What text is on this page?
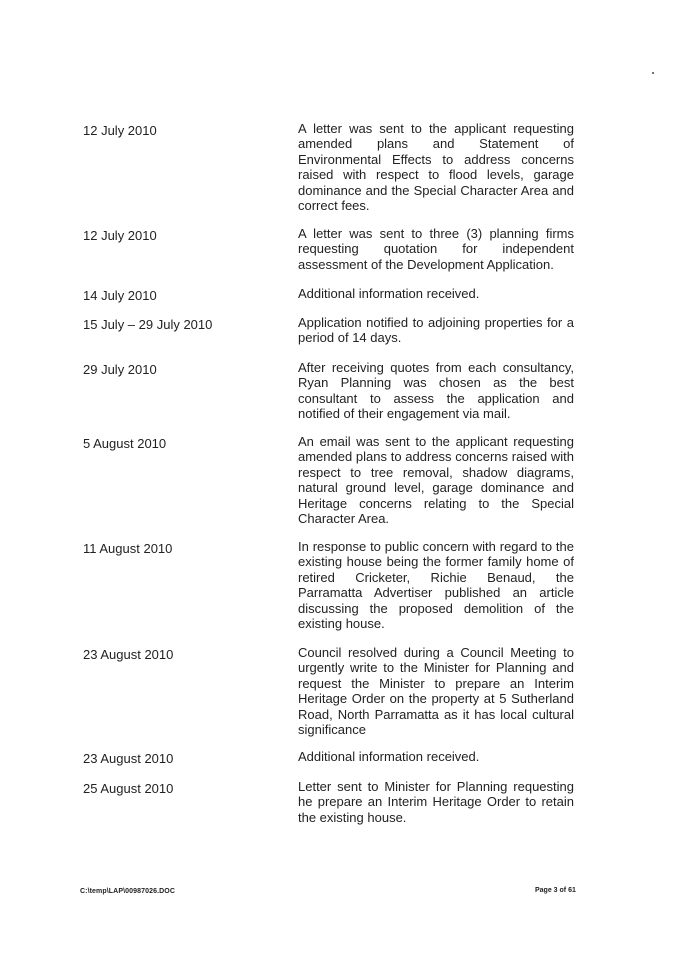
12 July 2010	A letter was sent to the applicant requesting amended plans and Statement of Environmental Effects to address concerns raised with respect to flood levels, garage dominance and the Special Character Area and correct fees.
12 July 2010	A letter was sent to three (3) planning firms requesting quotation for independent assessment of the Development Application.
14 July 2010	Additional information received.
15 July – 29 July 2010	Application notified to adjoining properties for a period of 14 days.
29 July 2010	After receiving quotes from each consultancy, Ryan Planning was chosen as the best consultant to assess the application and notified of their engagement via mail.
5 August 2010	An email was sent to the applicant requesting amended plans to address concerns raised with respect to tree removal, shadow diagrams, natural ground level, garage dominance and Heritage concerns relating to the Special Character Area.
11 August 2010	In response to public concern with regard to the existing house being the former family home of retired Cricketer, Richie Benaud, the Parramatta Advertiser published an article discussing the proposed demolition of the existing house.
23 August 2010	Council resolved during a Council Meeting to urgently write to the Minister for Planning and request the Minister to prepare an Interim Heritage Order on the property at 5 Sutherland Road, North Parramatta as it has local cultural significance
23 August 2010	Additional information received.
25 August 2010	Letter sent to Minister for Planning requesting he prepare an Interim Heritage Order to retain the existing house.
C:\temp\LAP\00987026.DOC	Page 3 of 61
